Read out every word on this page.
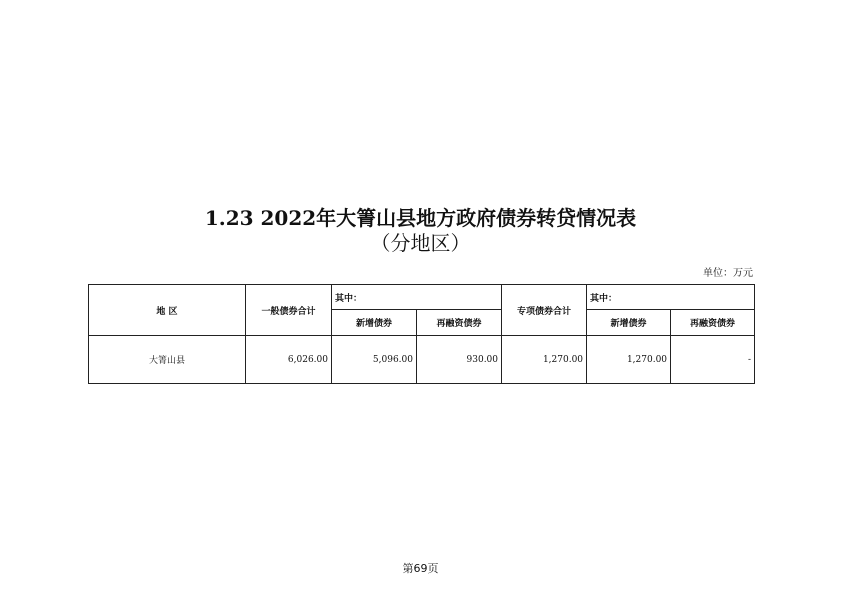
1.23 2022年大箐山县地方政府债券转贷情况表
（分地区）
单位：万元
地 区	一般债券合计	其中：		专项债券合计	其中：	
		新增债券	再融资债券		新增债券	再融资债券
大箐山县	6,026.00	5,096.00	930.00	1,270.00	1,270.00	-
第69页
